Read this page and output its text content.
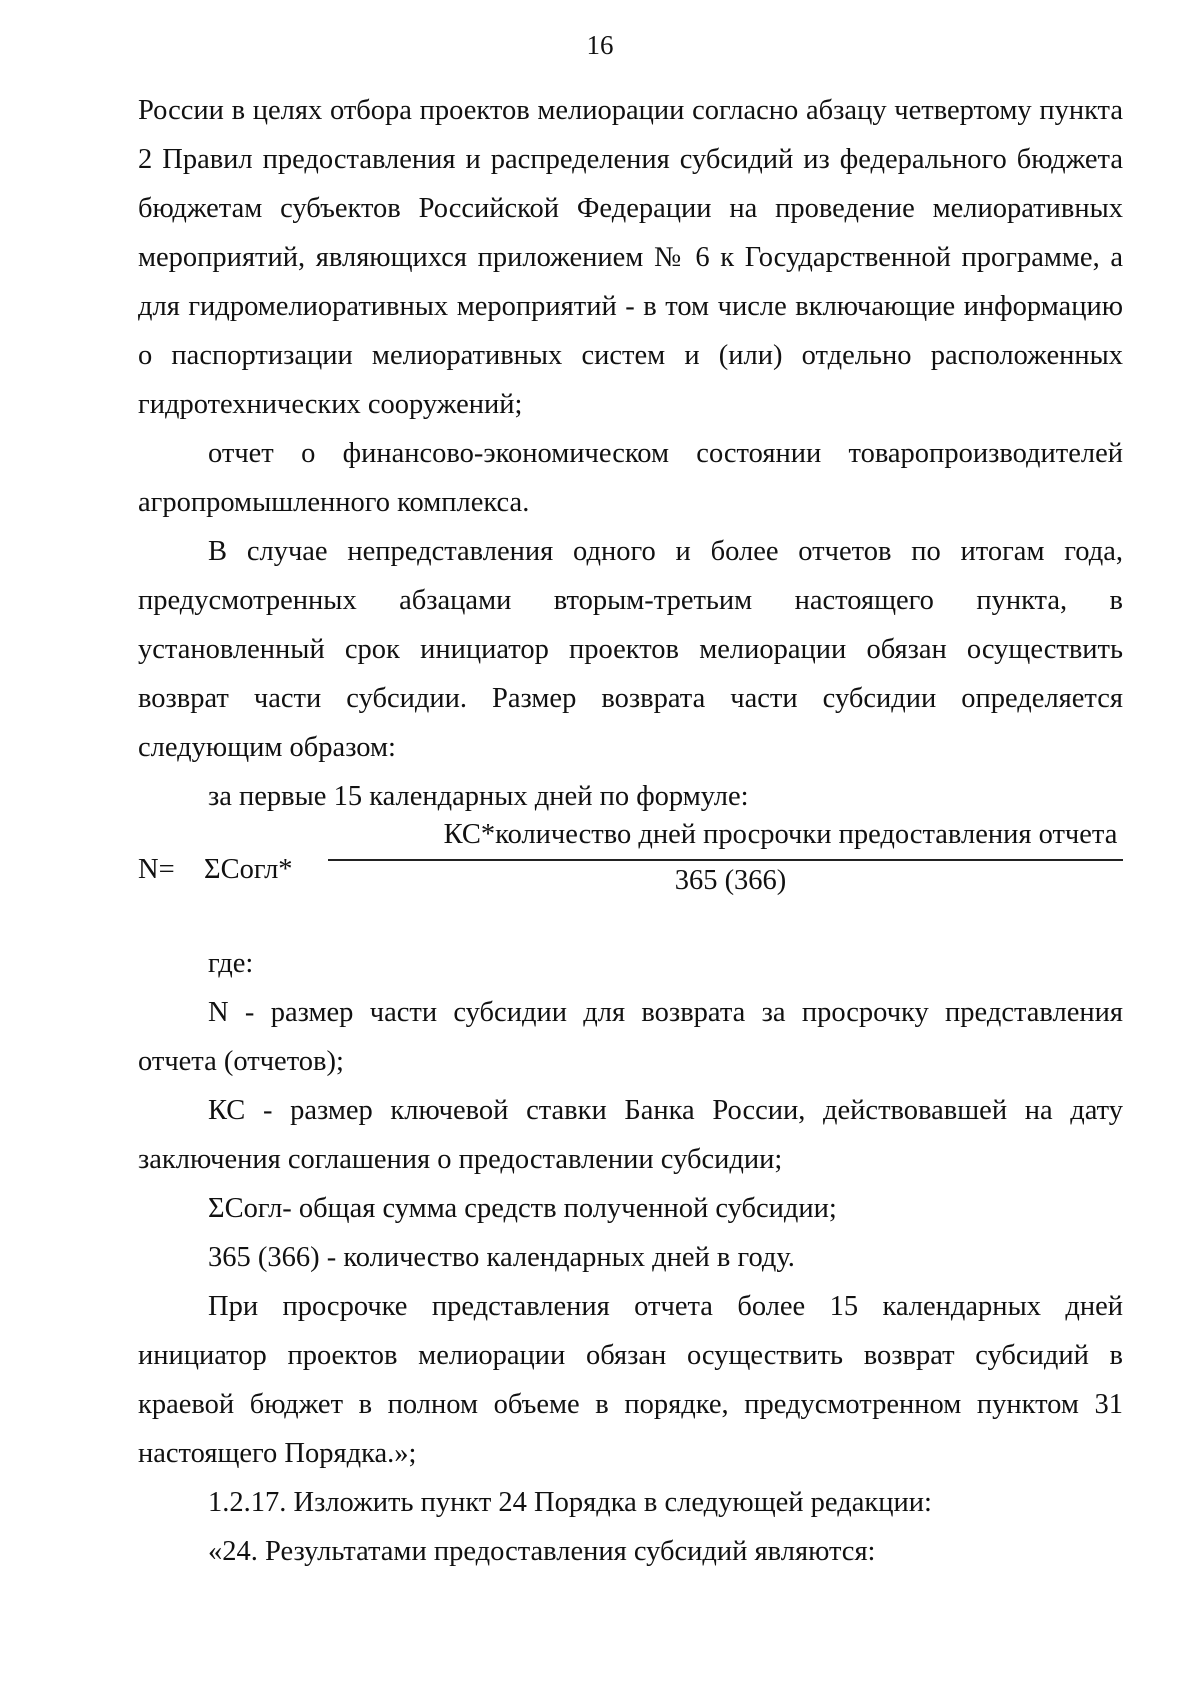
16

России в целях отбора проектов мелиорации согласно абзацу четвертому пункта 2 Правил предоставления и распределения субсидий из федерального бюджета бюджетам субъектов Российской Федерации на проведение мелиоративных мероприятий, являющихся приложением № 6 к Государственной программе, а для гидромелиоративных мероприятий - в том числе включающие информацию о паспортизации мелиоративных систем и (или) отдельно расположенных гидротехнических сооружений;

отчет о финансово-экономическом состоянии товаропроизводителей агропромышленного комплекса.

В случае непредставления одного и более отчетов по итогам года, предусмотренных абзацами вторым-третьим настоящего пункта, в установленный срок инициатор проектов мелиорации обязан осуществить возврат части субсидии. Размер возврата части субсидии определяется следующим образом:

за первые 15 календарных дней по формуле:

N= ΣСогл*
КС*количество дней просрочки предоставления отчета
365 (366)

где:

N - размер части субсидии для возврата за просрочку представления отчета (отчетов);

КС - размер ключевой ставки Банка России, действовавшей на дату заключения соглашения о предоставлении субсидии;

ΣСогл- общая сумма средств полученной субсидии;

365 (366) - количество календарных дней в году.

При просрочке представления отчета более 15 календарных дней инициатор проектов мелиорации обязан осуществить возврат субсидий в краевой бюджет в полном объеме в порядке, предусмотренном пунктом 31 настоящего Порядка.»;

1.2.17. Изложить пункт 24 Порядка в следующей редакции:

«24. Результатами предоставления субсидий являются:
